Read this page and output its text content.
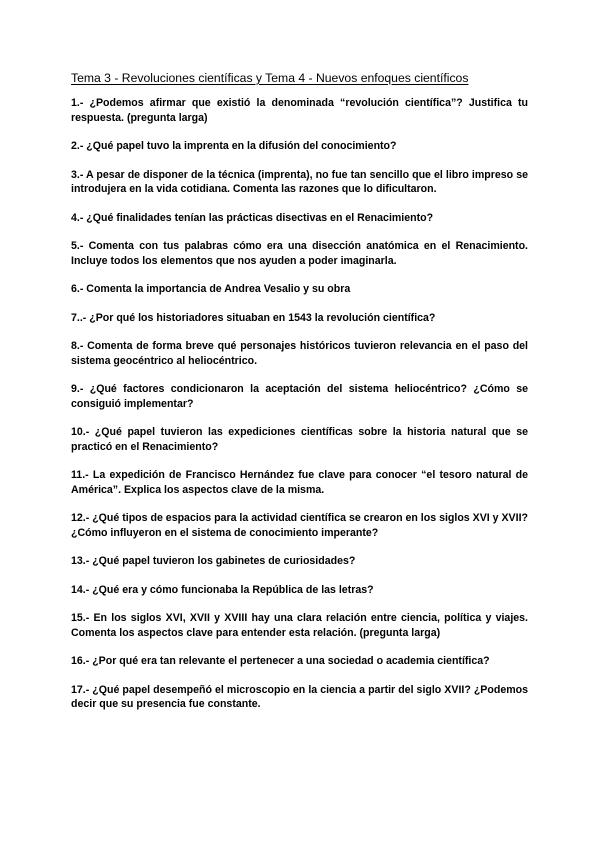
Tema 3 - Revoluciones científicas y Tema 4 - Nuevos enfoques científicos

1.- ¿Podemos afirmar que existió la denominada “revolución científica”? Justifica tu respuesta. (pregunta larga)

2.- ¿Qué papel tuvo la imprenta en la difusión del conocimiento?

3.- A pesar de disponer de la técnica (imprenta), no fue tan sencillo que el libro impreso se introdujera en la vida cotidiana. Comenta las razones que lo dificultaron.

4.- ¿Qué finalidades tenían las prácticas disectivas en el Renacimiento?

5.- Comenta con tus palabras cómo era una disección anatómica en el Renacimiento. Incluye todos los elementos que nos ayuden a poder imaginarla.

6.- Comenta la importancia de Andrea Vesalio y su obra

7..- ¿Por qué los historiadores situaban en 1543 la revolución científica?

8.- Comenta de forma breve qué personajes históricos tuvieron relevancia en el paso del sistema geocéntrico al heliocéntrico.

9.- ¿Qué factores condicionaron la aceptación del sistema heliocéntrico? ¿Cómo se consiguió implementar?

10.- ¿Qué papel tuvieron las expediciones científicas sobre la historia natural que se practicó en el Renacimiento?

11.- La expedición de Francisco Hernández fue clave para conocer “el tesoro natural de América”. Explica los aspectos clave de la misma.

12.- ¿Qué tipos de espacios para la actividad científica se crearon en los siglos XVI y XVII? ¿Cómo influyeron en el sistema de conocimiento imperante?

13.- ¿Qué papel tuvieron los gabinetes de curiosidades?

14.- ¿Qué era y cómo funcionaba la República de las letras?

15.- En los siglos XVI, XVII y XVIII hay una clara relación entre ciencia, política y viajes. Comenta los aspectos clave para entender esta relación. (pregunta larga)

16.- ¿Por qué era tan relevante el pertenecer a una sociedad o academia científica?

17.- ¿Qué papel desempeñó el microscopio en la ciencia a partir del siglo XVII? ¿Podemos decir que su presencia fue constante.
